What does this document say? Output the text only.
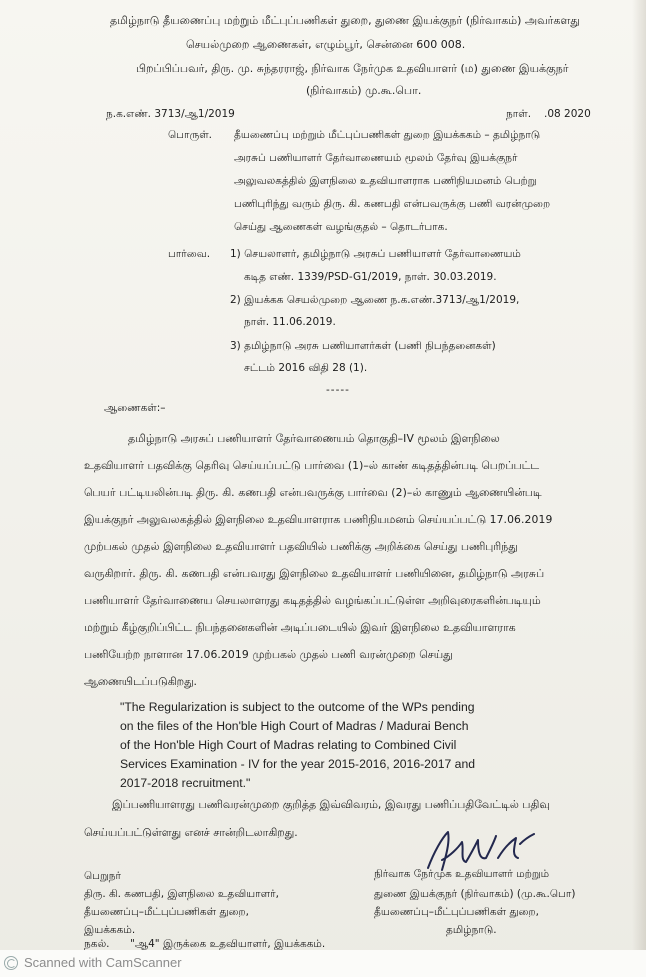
தமிழ்நாடு தீயணைப்பு மற்றும் மீட்புப்பணிகள் துறை, துணை இயக்குநர் (நிர்வாகம்) அவர்களது
செயல்முறை ஆணைகள், எழும்பூர், சென்னை 600 008.
பிறப்பிப்பவர், திரு. மு. சுந்தரராஜ், நிர்வாக நேர்முக உதவியாளர் (ம) துணை இயக்குநர்
(நிர்வாகம்) மு.கூ.பொ.
ந.க.எண். 3713/ஆ1/2019	நாள். .08 2020
பொருள். தீயணைப்பு மற்றும் மீட்புப்பணிகள் துறை இயக்ககம் – தமிழ்நாடு
அரசுப் பணியாளர் தேர்வாணையம் மூலம் தேர்வு இயக்குநர்
அலுவலகத்தில் இளநிலை உதவியாளராக பணிநியமனம் பெற்று
பணிபுரிந்து வரும் திரு. கி. கணபதி என்பவருக்கு பணி வரன்முறை
செய்து ஆணைகள் வழங்குதல் – தொடர்பாக.
பார்வை. 1) செயலாளர், தமிழ்நாடு அரசுப் பணியாளர் தேர்வாணையம்
கடித எண். 1339/PSD-G1/2019, நாள். 30.03.2019.
2) இயக்கக செயல்முறை ஆணை ந.க.எண்.3713/ஆ1/2019,
நாள். 11.06.2019.
3) தமிழ்நாடு அரசு பணியாளர்கள் (பணி நிபந்தனைகள்)
சட்டம் 2016 விதி 28 (1).
-----
ஆணைகள்:–
தமிழ்நாடு அரசுப் பணியாளர் தேர்வாணையம் தொகுதி–IV மூலம் இளநிலை
உதவியாளர் பதவிக்கு தெரிவு செய்யப்பட்டு பார்வை (1)–ல் காண் கடிதத்தின்படி பெறப்பட்ட
பெயர் பட்டியலின்படி திரு. கி. கணபதி என்பவருக்கு பார்வை (2)–ல் காணும் ஆணையின்படி
இயக்குநர் அலுவலகத்தில் இளநிலை உதவியாளராக பணிநியமனம் செய்யப்பட்டு 17.06.2019
முற்பகல் முதல் இளநிலை உதவியாளர் பதவியில் பணிக்கு அறிக்கை செய்து பணிபுரிந்து
வருகிறார். திரு. கி. கணபதி என்பவரது இளநிலை உதவியாளர் பணியினை, தமிழ்நாடு அரசுப்
பணியாளர் தேர்வாணைய செயலாளரது கடிதத்தில் வழங்கப்பட்டுள்ள அறிவுரைகளின்படியும்
மற்றும் கீழ்குறிப்பிட்ட நிபந்தனைகளின் அடிப்படையில் இவர் இளநிலை உதவியாளராக
பணியேற்ற நாளான 17.06.2019 முற்பகல் முதல் பணி வரன்முறை செய்து
ஆணையிடப்படுகிறது.
"The Regularization is subject to the outcome of the WPs pending
on the files of the Hon'ble High Court of Madras / Madurai Bench
of the Hon'ble High Court of Madras relating to Combined Civil
Services Examination - IV for the year 2015-2016, 2016-2017 and
2017-2018 recruitment."
இப்பணியாளரது பணிவரன்முறை குறித்த இவ்விவரம், இவரது பணிப்பதிவேட்டில் பதிவு
செய்யப்பட்டுள்ளது எனச் சான்றிடலாகிறது.
நிர்வாக நேர்முக உதவியாளர் மற்றும்
துணை இயக்குநர் (நிர்வாகம்) (மு.கூ.பொ)
தீயணைப்பு–மீட்புப்பணிகள் துறை,
தமிழ்நாடு.
பெறுநர்
திரு. கி. கணபதி, இளநிலை உதவியாளர்,
தீயணைப்பு–மீட்புப்பணிகள் துறை,
இயக்ககம்.
நகல். "ஆ4" இருக்கை உதவியாளர், இயக்ககம்.
Scanned with CamScanner
